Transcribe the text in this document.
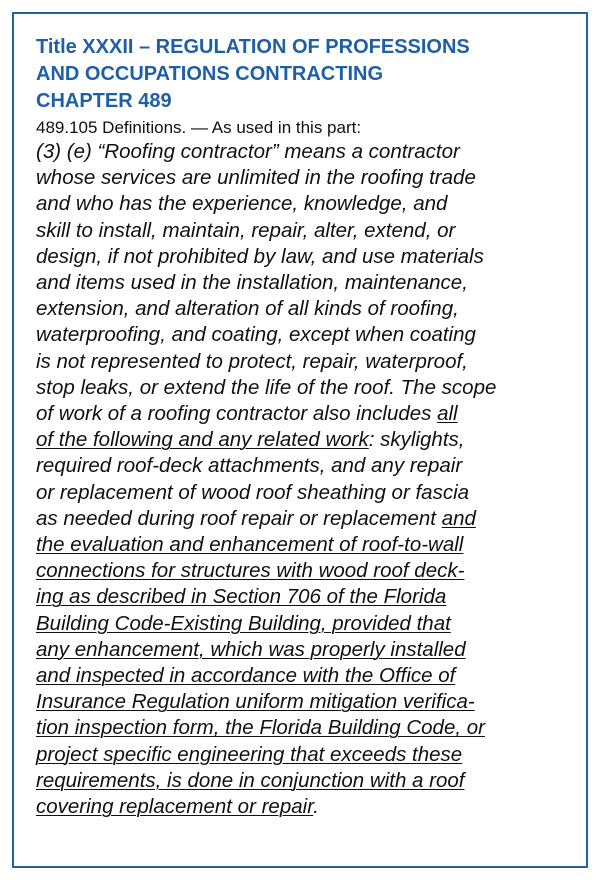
Title XXXII – REGULATION OF PROFESSIONS
AND OCCUPATIONS CONTRACTING
CHAPTER 489

489.105 Definitions. — As used in this part:

(3) (e) “Roofing contractor” means a contractor
whose services are unlimited in the roofing trade
and who has the experience, knowledge, and
skill to install, maintain, repair, alter, extend, or
design, if not prohibited by law, and use materials
and items used in the installation, maintenance,
extension, and alteration of all kinds of roofing,
waterproofing, and coating, except when coating
is not represented to protect, repair, waterproof,
stop leaks, or extend the life of the roof. The scope
of work of a roofing contractor also includes all
of the following and any related work: skylights,
required roof-deck attachments, and any repair
or replacement of wood roof sheathing or fascia
as needed during roof repair or replacement and
the evaluation and enhancement of roof-to-wall
connections for structures with wood roof deck-
ing as described in Section 706 of the Florida
Building Code-Existing Building, provided that
any enhancement, which was properly installed
and inspected in accordance with the Office of
Insurance Regulation uniform mitigation verifica-
tion inspection form, the Florida Building Code, or
project specific engineering that exceeds these
requirements, is done in conjunction with a roof
covering replacement or repair.
